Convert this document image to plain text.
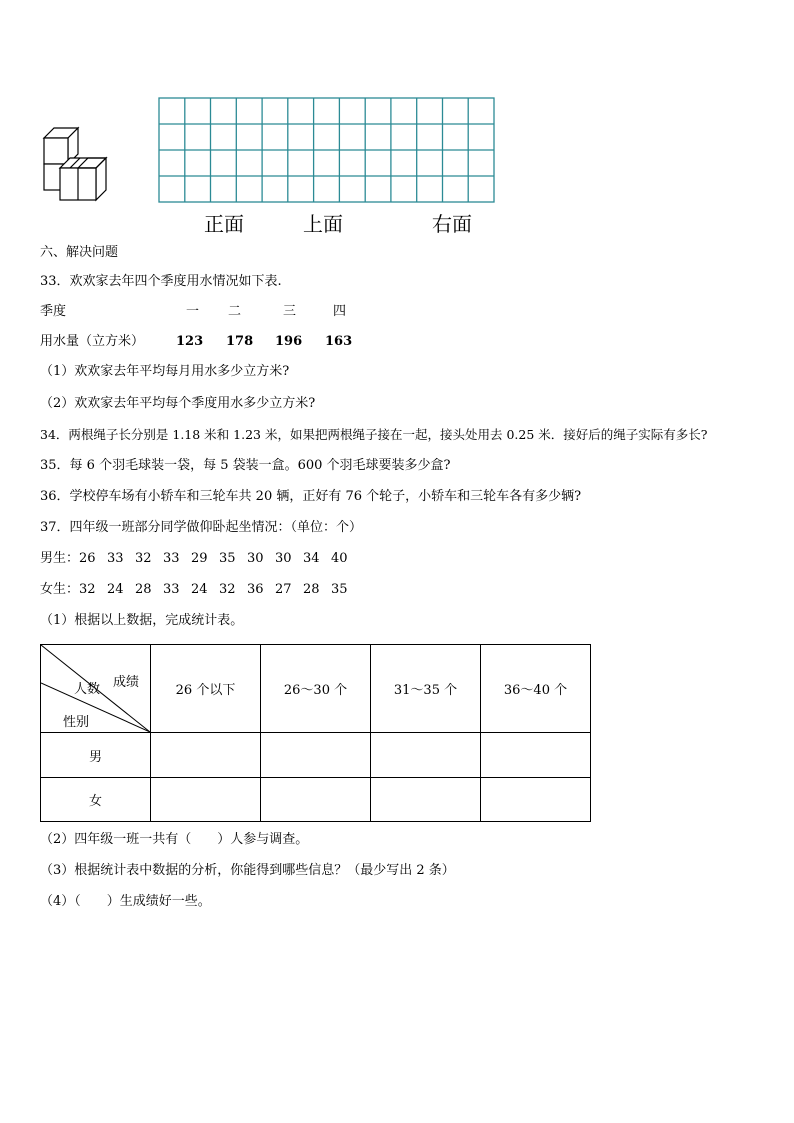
正面	上面	右面
六、解决问题
33．欢欢家去年四个季度用水情况如下表.
季度	一 二	三	四
用水量（立方米） 123 178 196 163
（1）欢欢家去年平均每月用水多少立方米?
（2）欢欢家去年平均每个季度用水多少立方米?
34．两根绳子长分别是 1.18 米和 1.23 米，如果把两根绳子接在一起，接头处用去 0.25 米．接好后的绳子实际有多长?
35．每 6 个羽毛球装一袋，每 5 袋装一盒。600 个羽毛球要装多少盒?
36．学校停车场有小轿车和三轮车共 20 辆，正好有 76 个轮子，小轿车和三轮车各有多少辆?
37．四年级一班部分同学做仰卧起坐情况：（单位：个）
男生： 26 33 32 33 29 35 30 30 34 40
女生： 32 24 28 33 24 32 36 27 28 35
（1）根据以上数据，完成统计表。
成绩
人数
性别	26 个以下	26～30 个	31～35 个	36～40 个
男				
女				
（2）四年级一班一共有（　　）人参与调查。
（3）根据统计表中数据的分析，你能得到哪些信息？（最少写出 2 条）
（4）（　　）生成绩好一些。
